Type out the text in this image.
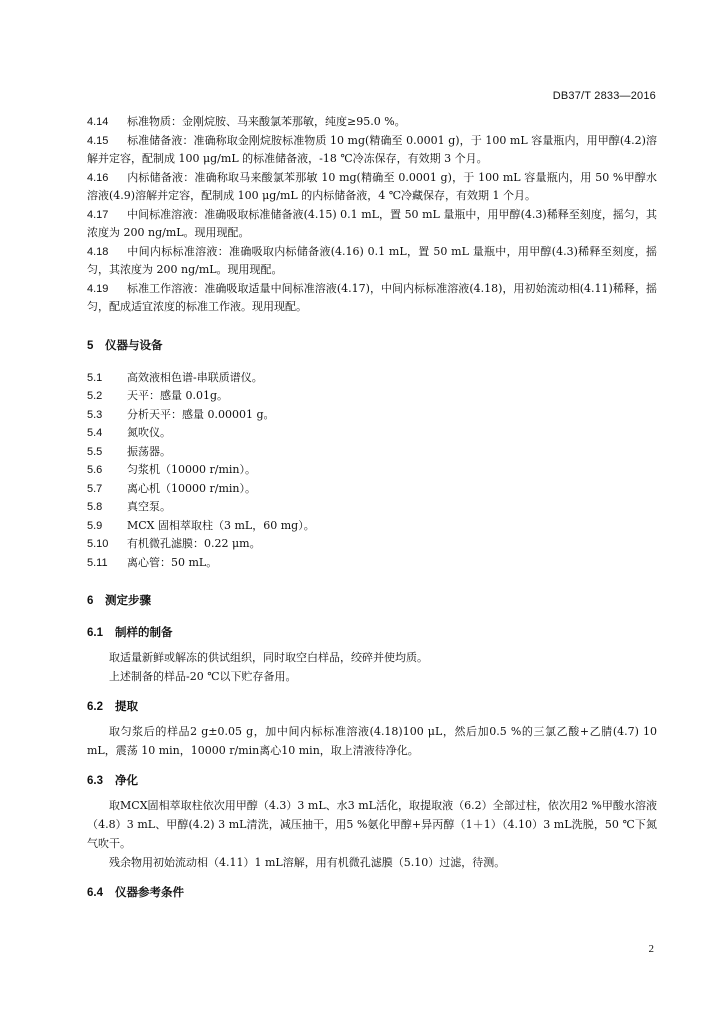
DB37/T 2833—2016

4.14 标准物质：金刚烷胺、马来酸氯苯那敏，纯度≥95.0 %。

4.15 标准储备液：准确称取金刚烷胺标准物质 10 mg(精确至 0.0001 g)，于 100 mL 容量瓶内，用甲醇(4.2)溶解并定容，配制成 100 μg/mL 的标准储备液，-18 ℃冷冻保存，有效期 3 个月。

4.16 内标储备液：准确称取马来酸氯苯那敏 10 mg(精确至 0.0001 g)，于 100 mL 容量瓶内，用 50 %甲醇水溶液(4.9)溶解并定容，配制成 100 μg/mL 的内标储备液，4 ℃冷藏保存，有效期 1 个月。

4.17 中间标准溶液：准确吸取标准储备液(4.15) 0.1 mL，置 50 mL 量瓶中，用甲醇(4.3)稀释至刻度，摇匀，其浓度为 200 ng/mL。现用现配。

4.18 中间内标标准溶液：准确吸取内标储备液(4.16) 0.1 mL，置 50 mL 量瓶中，用甲醇(4.3)稀释至刻度，摇匀，其浓度为 200 ng/mL。现用现配。

4.19 标准工作溶液：准确吸取适量中间标准溶液(4.17)，中间内标标准溶液(4.18)，用初始流动相(4.11)稀释，摇匀，配成适宜浓度的标准工作液。现用现配。

5 仪器与设备

5.1 高效液相色谱-串联质谱仪。

5.2 天平：感量 0.01g。

5.3 分析天平：感量 0.00001 g。

5.4 氮吹仪。

5.5 振荡器。

5.6 匀浆机（10000 r/min）。

5.7 离心机（10000 r/min）。

5.8 真空泵。

5.9 MCX 固相萃取柱（3 mL，60 mg）。

5.10 有机微孔滤膜：0.22 μm。

5.11 离心管：50 mL。

6 测定步骤

6.1 制样的制备

取适量新鲜或解冻的供试组织，同时取空白样品，绞碎并使均质。

上述制备的样品-20 ℃以下贮存备用。

6.2 提取

取匀浆后的样品2 g±0.05 g，加中间内标标准溶液(4.18)100 μL，然后加0.5 %的三氯乙酸+乙腈(4.7) 10 mL，震荡 10 min，10000 r/min离心10 min，取上清液待净化。

6.3 净化

取MCX固相萃取柱依次用甲醇（4.3）3 mL、水3 mL活化，取提取液（6.2）全部过柱，依次用2 %甲酸水溶液（4.8）3 mL、甲醇(4.2) 3 mL清洗，减压抽干，用5 %氨化甲醇+异丙醇（1＋1）（4.10）3 mL洗脱，50 ℃下氮气吹干。

残余物用初始流动相（4.11）1 mL溶解，用有机微孔滤膜（5.10）过滤，待测。

6.4 仪器参考条件

2
